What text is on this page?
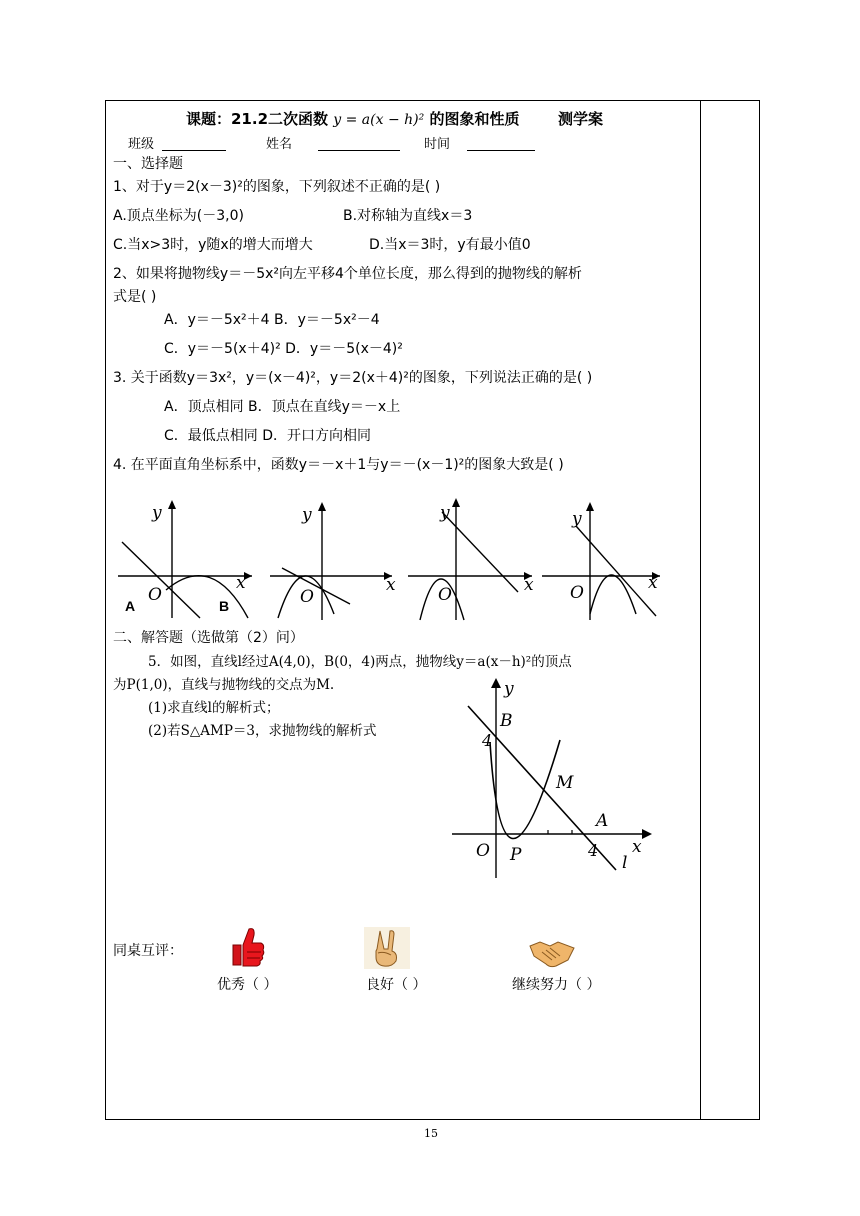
课题：21.2二次函数 y = a(x − h)² 的图象和性质	测学案
班级	姓名	时间
一、选择题
1、对于y＝2(x－3)²的图象，下列叙述不正确的是( )
A.顶点坐标为(－3,0)	B.对称轴为直线x＝3
C.当x>3时，y随x的增大而增大	D.当x＝3时，y有最小值0
2、如果将抛物线y＝－5x²向左平移4个单位长度，那么得到的抛物线的解析
式是( )
A．y＝－5x²＋4 B．y＝－5x²－4
C．y＝－5(x＋4)² D．y＝－5(x－4)²
3. 关于函数y＝3x²，y＝(x－4)²，y＝2(x＋4)²的图象，下列说法正确的是( )
A．顶点相同 B．顶点在直线y＝－x上
C．最低点相同 D．开口方向相同
4. 在平面直角坐标系中，函数y＝－x＋1与y＝－(x－1)²的图象大致是( )
y
x
O
A	B
y
x
O
y
x
O
y
x
O
二、解答题（选做第（2）问）
5．如图，直线l经过A(4,0)，B(0，4)两点，抛物线y＝a(x－h)²的顶点
为P(1,0)，直线与抛物线的交点为M.
(1)求直线l的解析式；
(2)若S△AMP＝3，求抛物线的解析式	B
4
M
A
O P	4
l
x
y
同桌互评：
优秀（ ）	良好（ ）	继续努力（ ）
15
